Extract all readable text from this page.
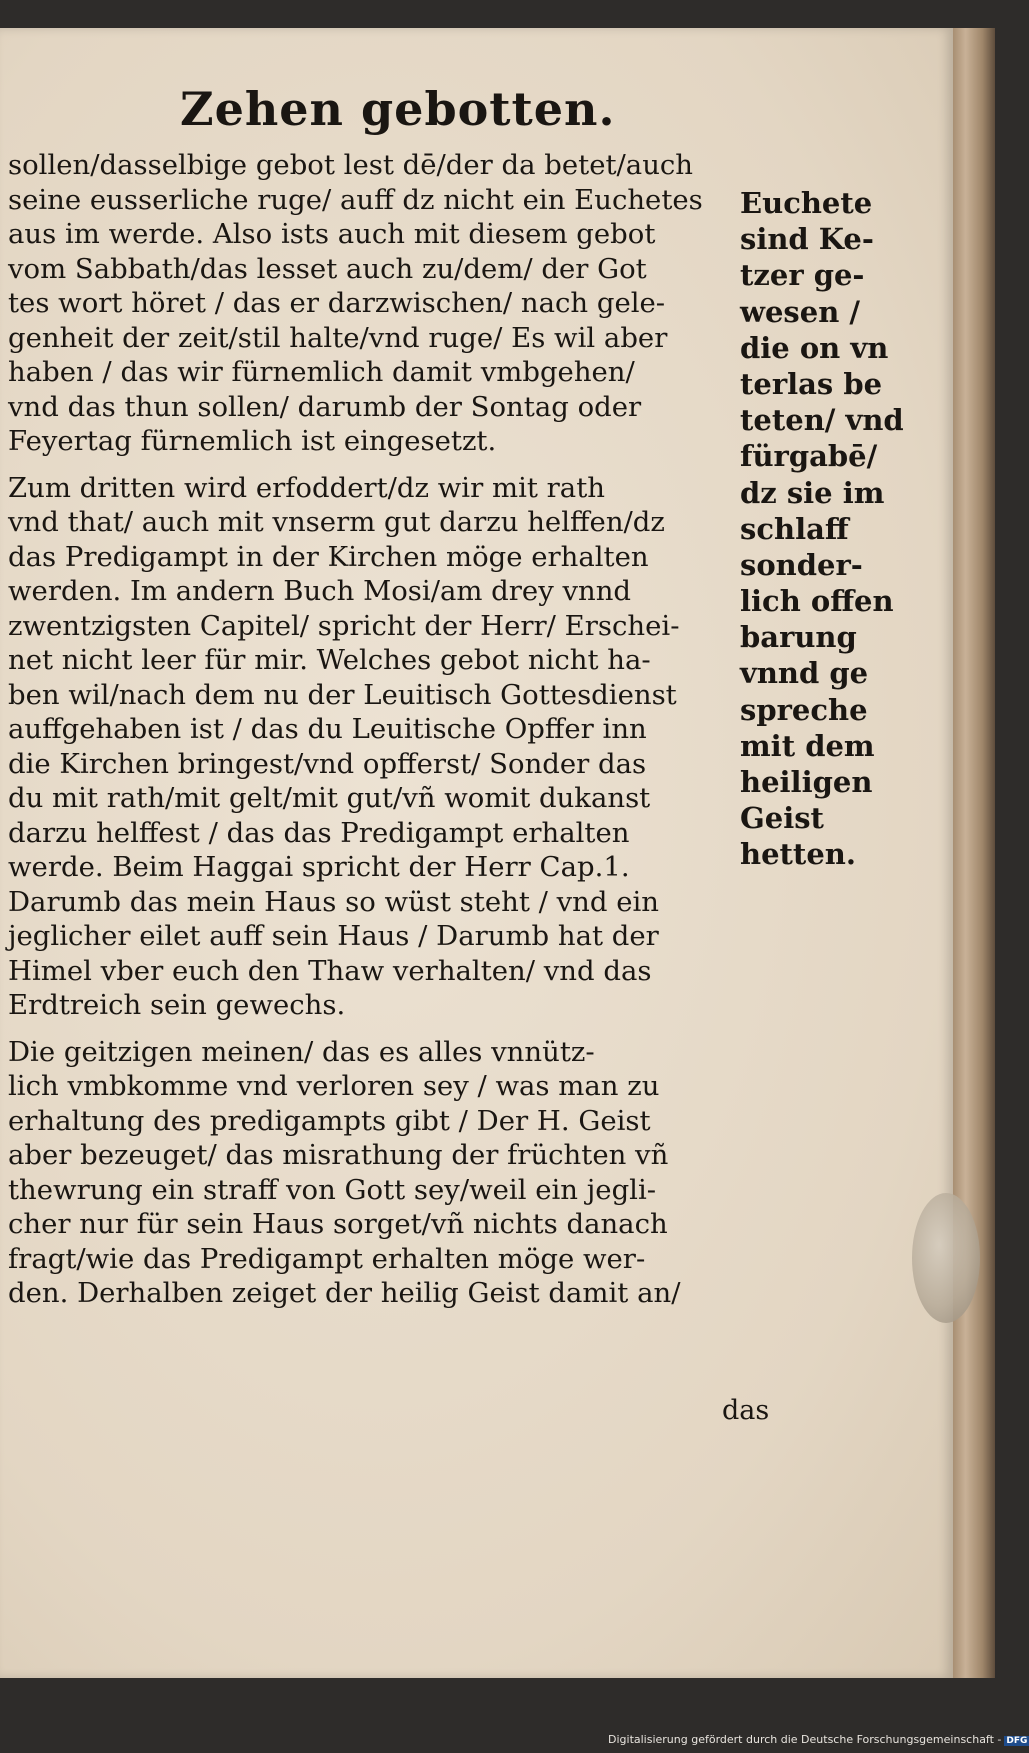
Zehen gebotten.
sollen/dasselbige gebot lest dē/der da betet/auch
seine eusserliche ruge/ auff dz nicht ein Euchetes
aus im werde. Also ists auch mit diesem gebot
vom Sabbath/das lesset auch zu/dem/ der Got
tes wort höret / das er darzwischen/ nach gele-
genheit der zeit/stil halte/vnd ruge/ Es wil aber
haben / das wir fürnemlich damit vmbgehen/
vnd das thun sollen/ darumb der Sontag oder
Feyertag fürnemlich ist eingesetzt.
Zum dritten wird erfoddert/dz wir mit rath
vnd that/ auch mit vnserm gut darzu helffen/dz
das Predigampt in der Kirchen möge erhalten
werden. Im andern Buch Mosi/am drey vnnd
zwentzigsten Capitel/ spricht der Herr/ Erschei-
net nicht leer für mir. Welches gebot nicht ha-
ben wil/nach dem nu der Leuitisch Gottesdienst
auffgehaben ist / das du Leuitische Opffer inn
die Kirchen bringest/vnd opfferst/ Sonder das
du mit rath/mit gelt/mit gut/vñ womit dukanst
darzu helffest / das das Predigampt erhalten
werde. Beim Haggai spricht der Herr Cap.1.
Darumb das mein Haus so wüst steht / vnd ein
jeglicher eilet auff sein Haus / Darumb hat der
Himel vber euch den Thaw verhalten/ vnd das
Erdtreich sein gewechs.
Die geitzigen meinen/ das es alles vnnütz-
lich vmbkomme vnd verloren sey / was man zu
erhaltung des predigampts gibt / Der H. Geist
aber bezeuget/ das misrathung der früchten vñ
thewrung ein straff von Gott sey/weil ein jegli-
cher nur für sein Haus sorget/vñ nichts danach
fragt/wie das Predigampt erhalten möge wer-
den. Derhalben zeiget der heilig Geist damit an/
Euchete
sind Ke-
tzer ge-
wesen /
die on vn
terlas be
teten/ vnd
fürgabē/
dz sie im
schlaff
sonder-
lich offen
barung
vnnd ge
spreche
mit dem
heiligen
Geist
hetten.
das
Digitalisierung gefördert durch die Deutsche Forschungsgemeinschaft - DFG
